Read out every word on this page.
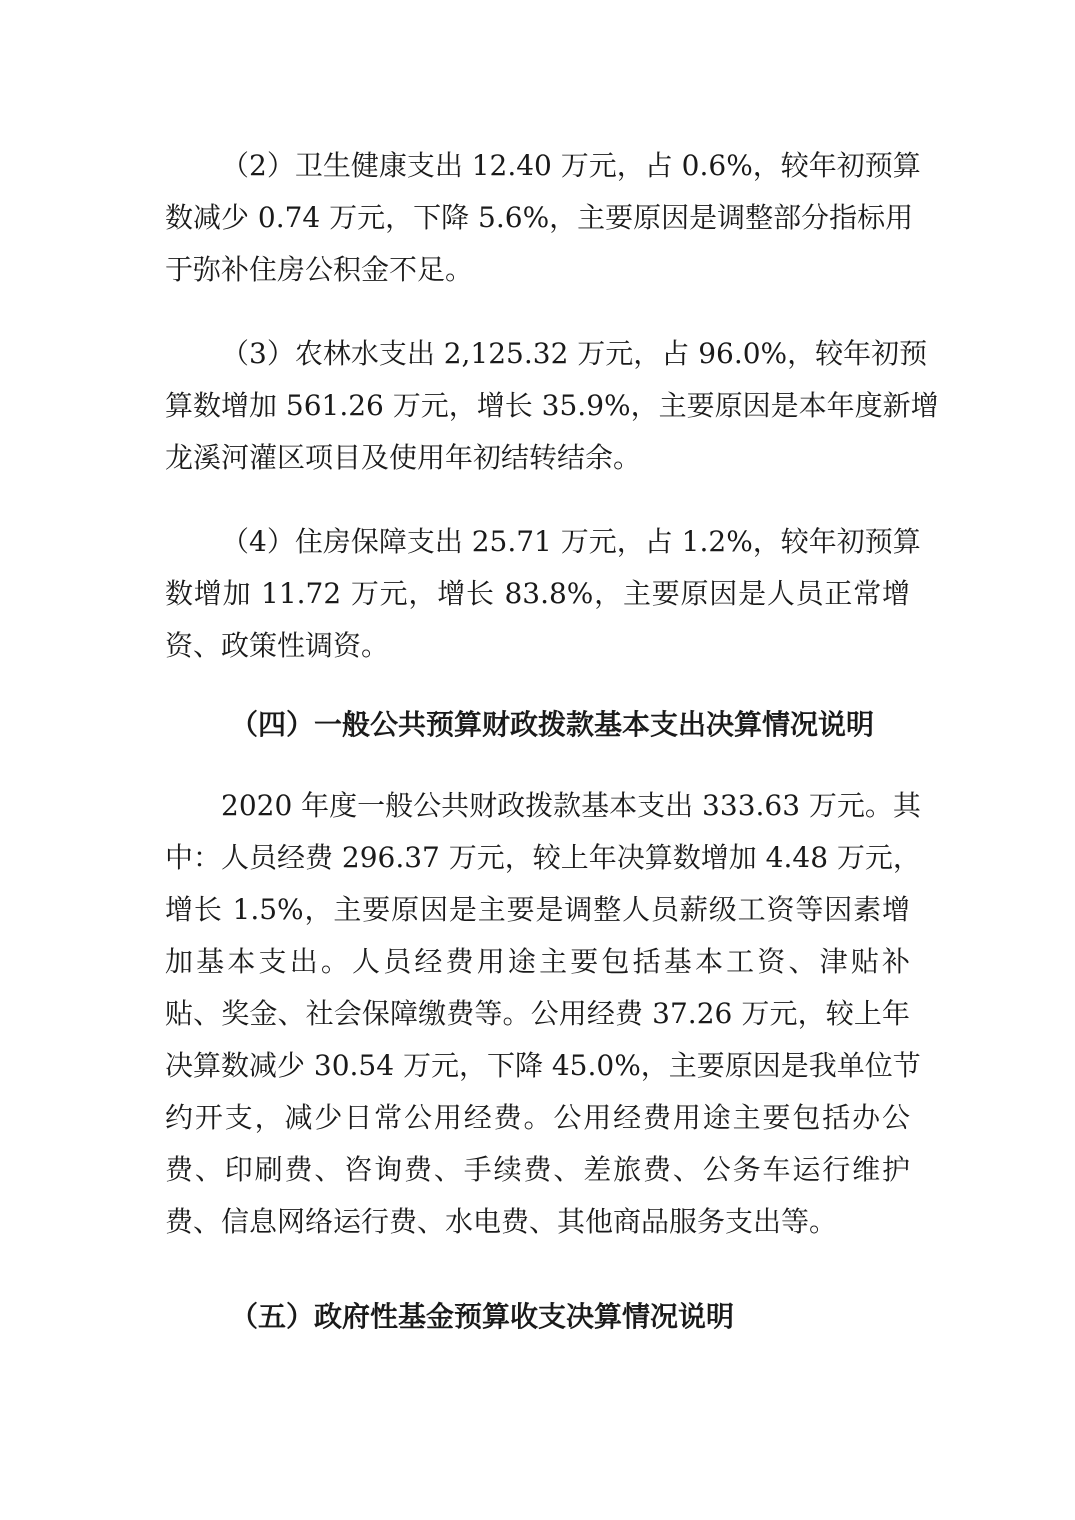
（2）卫生健康支出 12.40 万元，占 0.6%，较年初预算
数减少 0.74 万元，下降 5.6%，主要原因是调整部分指标用
于弥补住房公积金不足。
（3）农林水支出 2,125.32 万元，占 96.0%，较年初预
算数增加 561.26 万元，增长 35.9%，主要原因是本年度新增
龙溪河灌区项目及使用年初结转结余。
（4）住房保障支出 25.71 万元，占 1.2%，较年初预算
数增加 11.72 万元，增长 83.8%，主要原因是人员正常增
资、政策性调资。
（四）一般公共预算财政拨款基本支出决算情况说明
2020 年度一般公共财政拨款基本支出 333.63 万元。其
中：人员经费 296.37 万元，较上年决算数增加 4.48 万元，
增长 1.5%，主要原因是主要是调整人员薪级工资等因素增
加基本支出。人员经费用途主要包括基本工资、津贴补
贴、奖金、社会保障缴费等。公用经费 37.26 万元，较上年
决算数减少 30.54 万元，下降 45.0%，主要原因是我单位节
约开支，减少日常公用经费。公用经费用途主要包括办公
费、印刷费、咨询费、手续费、差旅费、公务车运行维护
费、信息网络运行费、水电费、其他商品服务支出等。
（五）政府性基金预算收支决算情况说明
